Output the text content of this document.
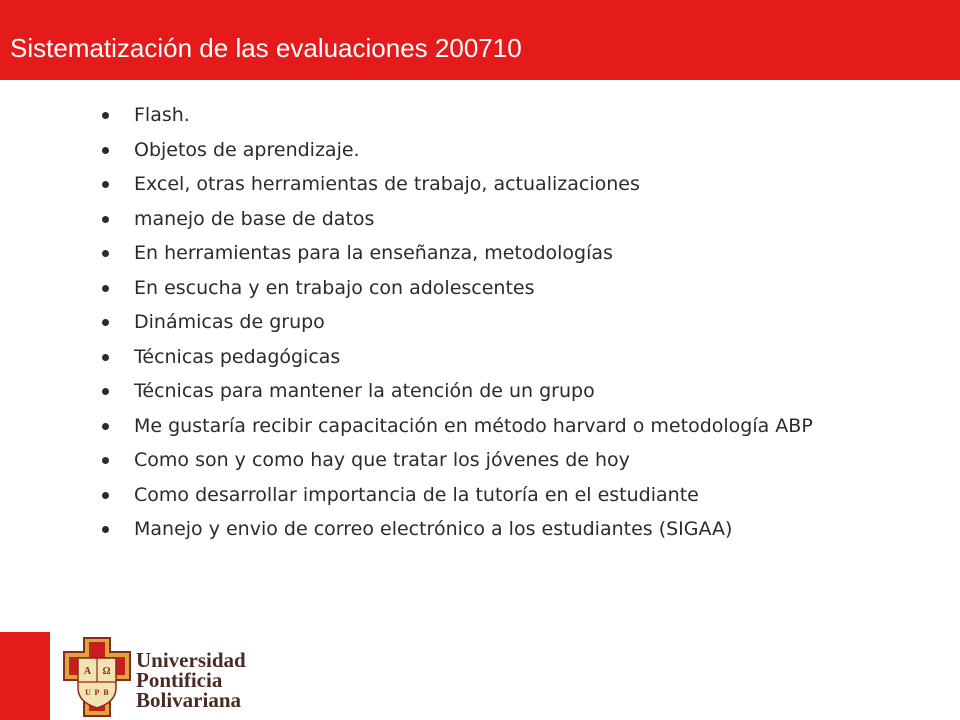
Sistematización de las evaluaciones 200710
Flash.
Objetos de aprendizaje.
Excel, otras herramientas de trabajo, actualizaciones
manejo de base de datos
En herramientas para la enseñanza, metodologías
En escucha y en trabajo con adolescentes
Dinámicas de grupo
Técnicas pedagógicas
Técnicas para mantener la atención de un grupo
Me gustaría recibir capacitación en método harvard o metodología ABP
Como son y como hay que tratar los jóvenes de hoy
Como desarrollar importancia de la tutoría en el estudiante
Manejo y envio de correo electrónico a los estudiantes (SIGAA)
A Ω
U P B
Universidad
Pontificia
Bolivariana
